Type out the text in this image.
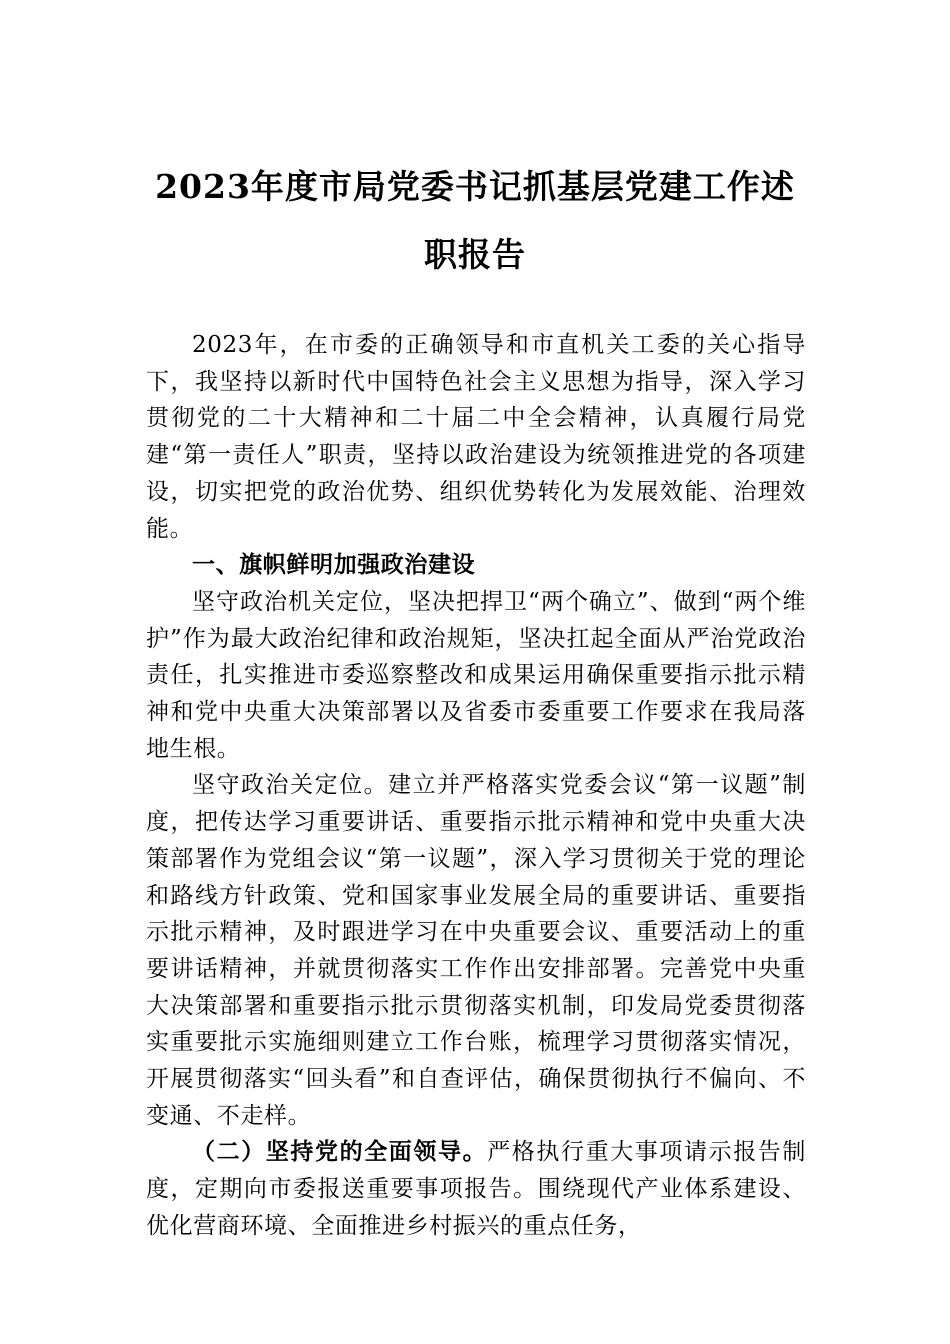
2023年度市局党委书记抓基层党建工作述
职报告

2023年，在市委的正确领导和市直机关工委的关心指导下，我坚持以新时代中国特色社会主义思想为指导，深入学习贯彻党的二十大精神和二十届二中全会精神，认真履行局党建“第一责任人”职责，坚持以政治建设为统领推进党的各项建设，切实把党的政治优势、组织优势转化为发展效能、治理效能。

一、旗帜鲜明加强政治建设

坚守政治机关定位，坚决把捍卫“两个确立”、做到“两个维护”作为最大政治纪律和政治规矩，坚决扛起全面从严治党政治责任，扎实推进市委巡察整改和成果运用确保重要指示批示精神和党中央重大决策部署以及省委市委重要工作要求在我局落地生根。

坚守政治关定位。建立并严格落实党委会议“第一议题”制度，把传达学习重要讲话、重要指示批示精神和党中央重大决策部署作为党组会议“第一议题”，深入学习贯彻关于党的理论和路线方针政策、党和国家事业发展全局的重要讲话、重要指示批示精神，及时跟进学习在中央重要会议、重要活动上的重要讲话精神，并就贯彻落实工作作出安排部署。完善党中央重大决策部署和重要指示批示贯彻落实机制，印发局党委贯彻落实重要批示实施细则建立工作台账，梳理学习贯彻落实情况，开展贯彻落实“回头看”和自查评估，确保贯彻执行不偏向、不变通、不走样。

（二）坚持党的全面领导。严格执行重大事项请示报告制度，定期向市委报送重要事项报告。围绕现代产业体系建设、优化营商环境、全面推进乡村振兴的重点任务，
